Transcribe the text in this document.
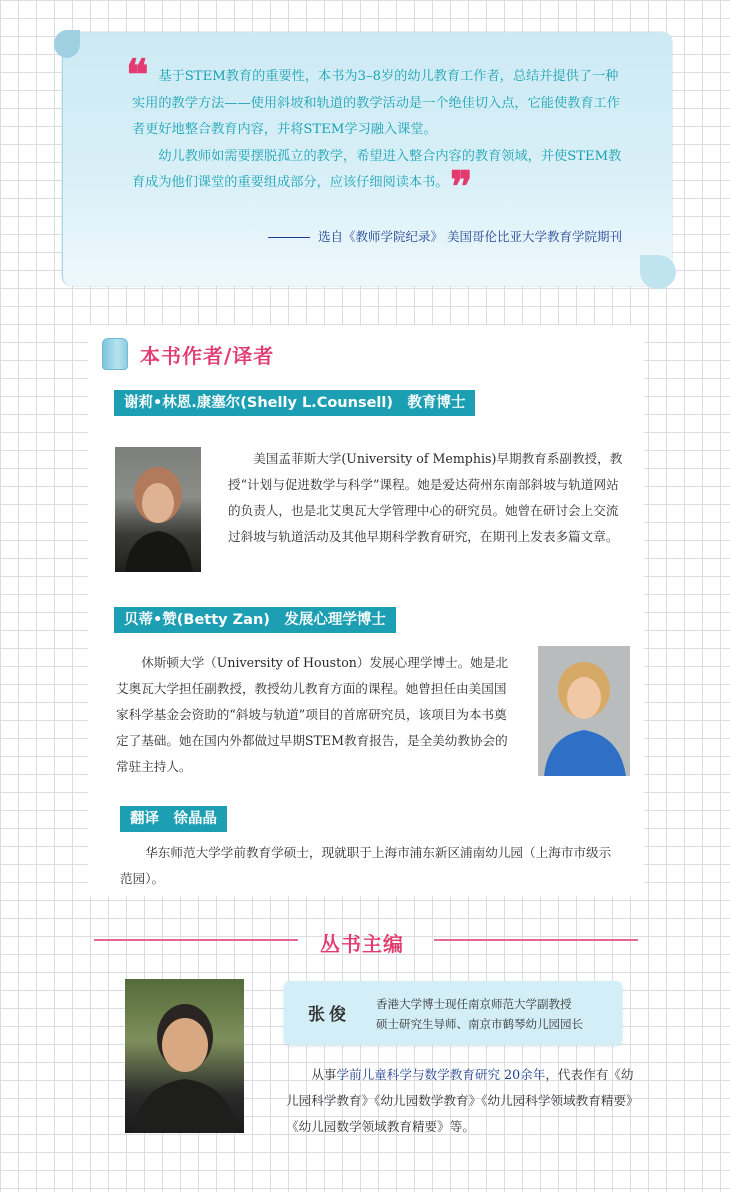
❝ 基于STEM教育的重要性，本书为3–8岁的幼儿教育工作者，总结并提供了一种实用的教学方法——使用斜坡和轨道的教学活动是一个绝佳切入点，它能使教育工作者更好地整合教育内容，并将STEM学习融入课堂。

幼儿教师如需要摆脱孤立的教学，希望进入整合内容的教育领域，并使STEM教育成为他们课堂的重要组成部分，应该仔细阅读本书。 ❞
选自《教师学院纪录》 美国哥伦比亚大学教育学院期刊
本书作者/译者
谢莉•林恩.康塞尔(Shelly L.Counsell)　教育博士

美国孟菲斯大学(University of Memphis)早期教育系副教授，教授“计划与促进数学与科学”课程。她是爱达荷州东南部斜坡与轨道网站的负责人，也是北艾奥瓦大学管理中心的研究员。她曾在研讨会上交流过斜坡与轨道活动及其他早期科学教育研究，在期刊上发表多篇文章。

贝蒂•赞(Betty Zan)　发展心理学博士

休斯顿大学（University of Houston）发展心理学博士。她是北艾奥瓦大学担任副教授，教授幼儿教育方面的课程。她曾担任由美国国家科学基金会资助的“斜坡与轨道”项目的首席研究员，该项目为本书奠定了基础。她在国内外都做过早期STEM教育报告，是全美幼教协会的常驻主持人。

翻译　徐晶晶

华东师范大学学前教育学硕士，现就职于上海市浦东新区浦南幼儿园（上海市市级示范园）。

丛书主编
张俊
香港大学博士现任南京师范大学副教授
硕士研究生导师、南京市鹤琴幼儿园园长

从事学前儿童科学与数学教育研究 20余年，代表作有《幼儿园科学教育》《幼儿园数学教育》《幼儿园科学领域教育精要》《幼儿园数学领域教育精要》等。
